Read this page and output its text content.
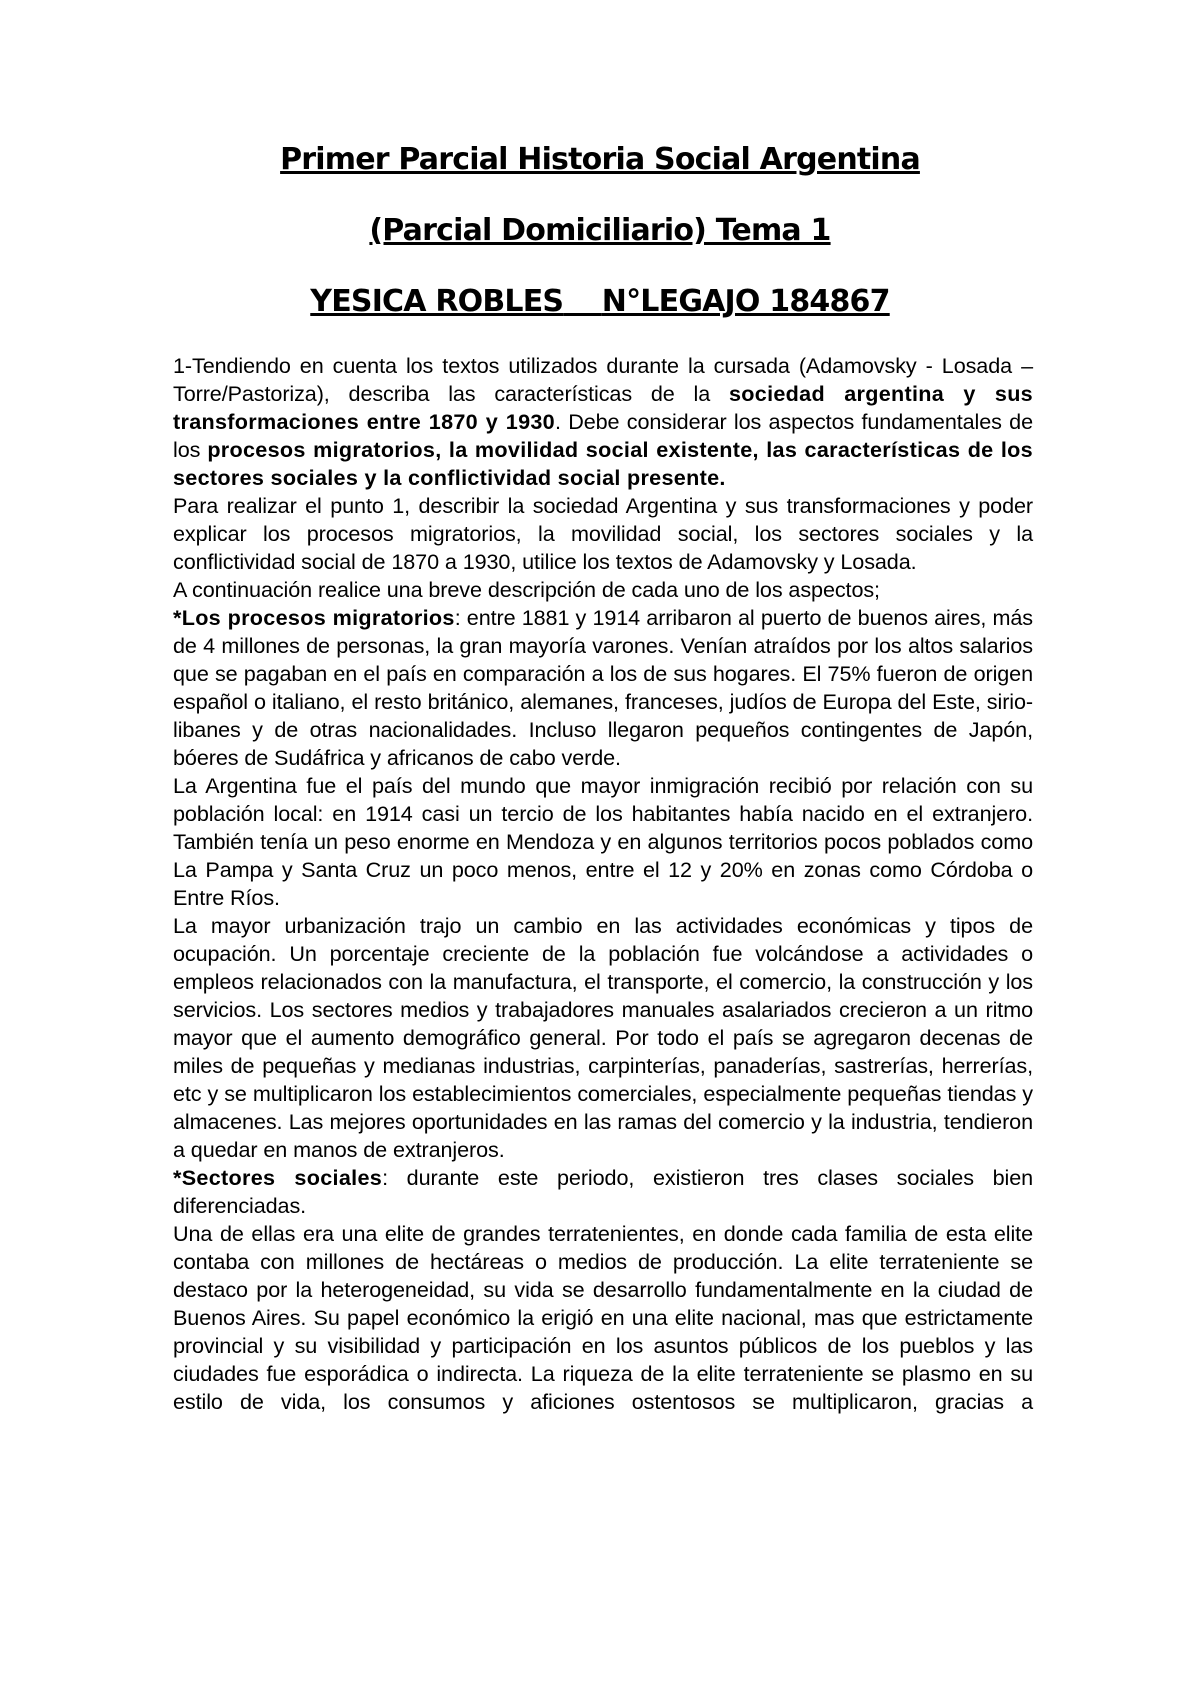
Primer Parcial Historia Social Argentina
(Parcial Domiciliario) Tema 1
YESICA ROBLES N°LEGAJO 184867

1-Tendiendo en cuenta los textos utilizados durante la cursada (Adamovsky - Losada – Torre/Pastoriza), describa las características de la sociedad argentina y sus transformaciones entre 1870 y 1930. Debe considerar los aspectos fundamentales de los procesos migratorios, la movilidad social existente, las características de los sectores sociales y la conflictividad social presente.

Para realizar el punto 1, describir la sociedad Argentina y sus transformaciones y poder explicar los procesos migratorios, la movilidad social, los sectores sociales y la conflictividad social de 1870 a 1930, utilice los textos de Adamovsky y Losada.

A continuación realice una breve descripción de cada uno de los aspectos;

*Los procesos migratorios: entre 1881 y 1914 arribaron al puerto de buenos aires, más de 4 millones de personas, la gran mayoría varones. Venían atraídos por los altos salarios que se pagaban en el país en comparación a los de sus hogares. El 75% fueron de origen español o italiano, el resto británico, alemanes, franceses, judíos de Europa del Este, sirio-libanes y de otras nacionalidades. Incluso llegaron pequeños contingentes de Japón, bóeres de Sudáfrica y africanos de cabo verde.

La Argentina fue el país del mundo que mayor inmigración recibió por relación con su población local: en 1914 casi un tercio de los habitantes había nacido en el extranjero. También tenía un peso enorme en Mendoza y en algunos territorios pocos poblados como La Pampa y Santa Cruz un poco menos, entre el 12 y 20% en zonas como Córdoba o Entre Ríos.

La mayor urbanización trajo un cambio en las actividades económicas y tipos de ocupación. Un porcentaje creciente de la población fue volcándose a actividades o empleos relacionados con la manufactura, el transporte, el comercio, la construcción y los servicios. Los sectores medios y trabajadores manuales asalariados crecieron a un ritmo mayor que el aumento demográfico general. Por todo el país se agregaron decenas de miles de pequeñas y medianas industrias, carpinterías, panaderías, sastrerías, herrerías, etc y se multiplicaron los establecimientos comerciales, especialmente pequeñas tiendas y almacenes. Las mejores oportunidades en las ramas del comercio y la industria, tendieron a quedar en manos de extranjeros.

*Sectores sociales: durante este periodo, existieron tres clases sociales bien diferenciadas.

Una de ellas era una elite de grandes terratenientes, en donde cada familia de esta elite contaba con millones de hectáreas o medios de producción. La elite terrateniente se destaco por la heterogeneidad, su vida se desarrollo fundamentalmente en la ciudad de Buenos Aires. Su papel económico la erigió en una elite nacional, mas que estrictamente provincial y su visibilidad y participación en los asuntos públicos de los pueblos y las ciudades fue esporádica o indirecta. La riqueza de la elite terrateniente se plasmo en su estilo de vida, los consumos y aficiones ostentosos se multiplicaron, gracias a
